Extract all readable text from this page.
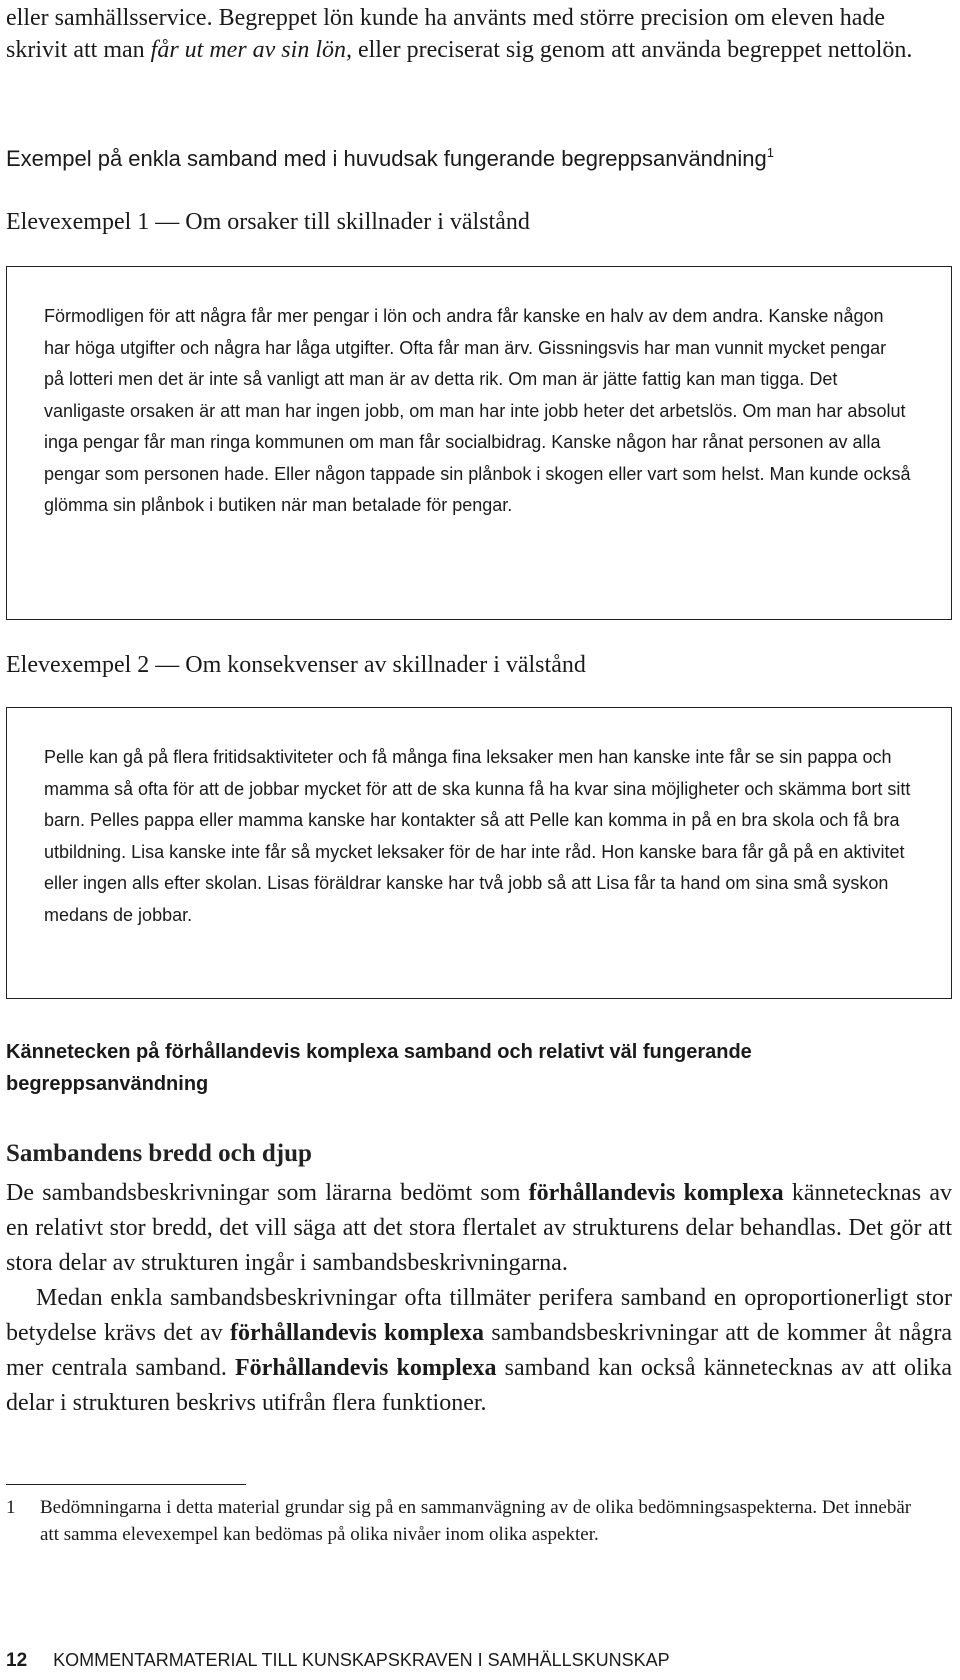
eller samhällsservice. Begreppet lön kunde ha använts med större precision om eleven hade skrivit att man får ut mer av sin lön, eller preciserat sig genom att använda begreppet nettolön.

Exempel på enkla samband med i huvudsak fungerande begreppsanvändning$^1$
Elevexempel 1 — Om orsaker till skillnader i välstånd

Förmodligen för att några får mer pengar i lön och andra får kanske en halv av dem andra. Kanske någon har höga utgifter och några har låga utgifter. Ofta får man ärv. Gissningsvis har man vunnit mycket pengar på lotteri men det är inte så vanligt att man är av detta rik. Om man är jätte fattig kan man tigga. Det vanligaste orsaken är att man har ingen jobb, om man har inte jobb heter det arbetslös. Om man har absolut inga pengar får man ringa kommunen om man får socialbidrag. Kanske någon har rånat personen av alla pengar som personen hade. Eller någon tappade sin plånbok i skogen eller vart som helst. Man kunde också glömma sin plånbok i butiken när man betalade för pengar.

Elevexempel 2 — Om konsekvenser av skillnader i välstånd

Pelle kan gå på flera fritidsaktiviteter och få många fina leksaker men han kanske inte får se sin pappa och mamma så ofta för att de jobbar mycket för att de ska kunna få ha kvar sina möjligheter och skämma bort sitt barn. Pelles pappa eller mamma kanske har kontakter så att Pelle kan komma in på en bra skola och få bra utbildning. Lisa kanske inte får så mycket leksaker för de har inte råd. Hon kanske bara får gå på en aktivitet eller ingen alls efter skolan. Lisas föräldrar kanske har två jobb så att Lisa får ta hand om sina små syskon medans de jobbar.

Kännetecken på förhållandevis komplexa samband och relativt väl fungerande begreppsanvändning
Sambandens bredd och djup

De sambandsbeskrivningar som lärarna bedömt som förhållandevis komplexa kännetecknas av en relativt stor bredd, det vill säga att det stora flertalet av strukturens delar behandlas. Det gör att stora delar av strukturen ingår i sambandsbeskrivningarna.

Medan enkla sambandsbeskrivningar ofta tillmäter perifera samband en oproportionerligt stor betydelse krävs det av förhållandevis komplexa sambandsbeskrivningar att de kommer åt några mer centrala samband. Förhållandevis komplexa samband kan också kännetecknas av att olika delar i strukturen beskrivs utifrån flera funktioner.

1 Bedömningarna i detta material grundar sig på en sammanvägning av de olika bedömningsaspekterna. Det innebär att samma elevexempel kan bedömas på olika nivåer inom olika aspekter.
12 KOMMENTARMATERIAL TILL KUNSKAPSKRAVEN I SAMHÄLLSKUNSKAP
